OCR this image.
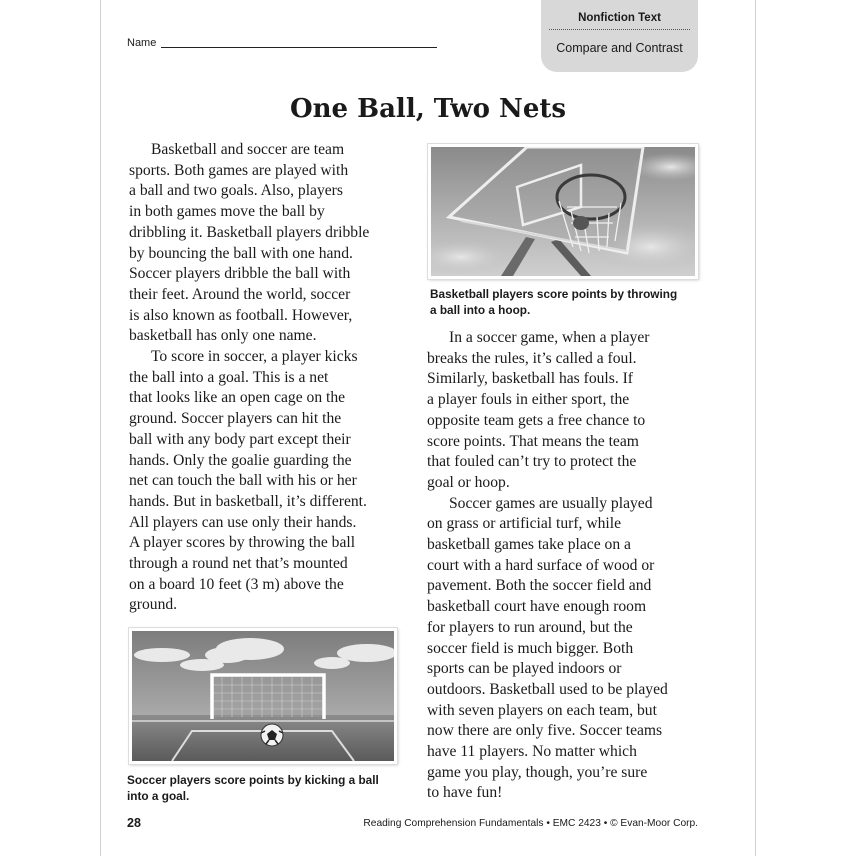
Nonfiction Text
Compare and Contrast
Name
One Ball, Two Nets
Basketball and soccer are team
sports. Both games are played with
a ball and two goals. Also, players
in both games move the ball by
dribbling it. Basketball players dribble
by bouncing the ball with one hand.
Soccer players dribble the ball with
their feet. Around the world, soccer
is also known as football. However,
basketball has only one name.
To score in soccer, a player kicks
the ball into a goal. This is a net
that looks like an open cage on the
ground. Soccer players can hit the
ball with any body part except their
hands. Only the goalie guarding the
net can touch the ball with his or her
hands. But in basketball, it’s different.
All players can use only their hands.
A player scores by throwing the ball
through a round net that’s mounted
on a board 10 feet (3 m) above the
ground.
In a soccer game, when a player
breaks the rules, it’s called a foul.
Similarly, basketball has fouls. If
a player fouls in either sport, the
opposite team gets a free chance to
score points. That means the team
that fouled can’t try to protect the
goal or hoop.
Soccer games are usually played
on grass or artificial turf, while
basketball games take place on a
court with a hard surface of wood or
pavement. Both the soccer field and
basketball court have enough room
for players to run around, but the
soccer field is much bigger. Both
sports can be played indoors or
outdoors. Basketball used to be played
with seven players on each team, but
now there are only five. Soccer teams
have 11 players. No matter which
game you play, though, you’re sure
to have fun!
Basketball players score points by throwing
a ball into a hoop.
Soccer players score points by kicking a ball
into a goal.
28	Reading Comprehension Fundamentals • EMC 2423 • © Evan-Moor Corp.
